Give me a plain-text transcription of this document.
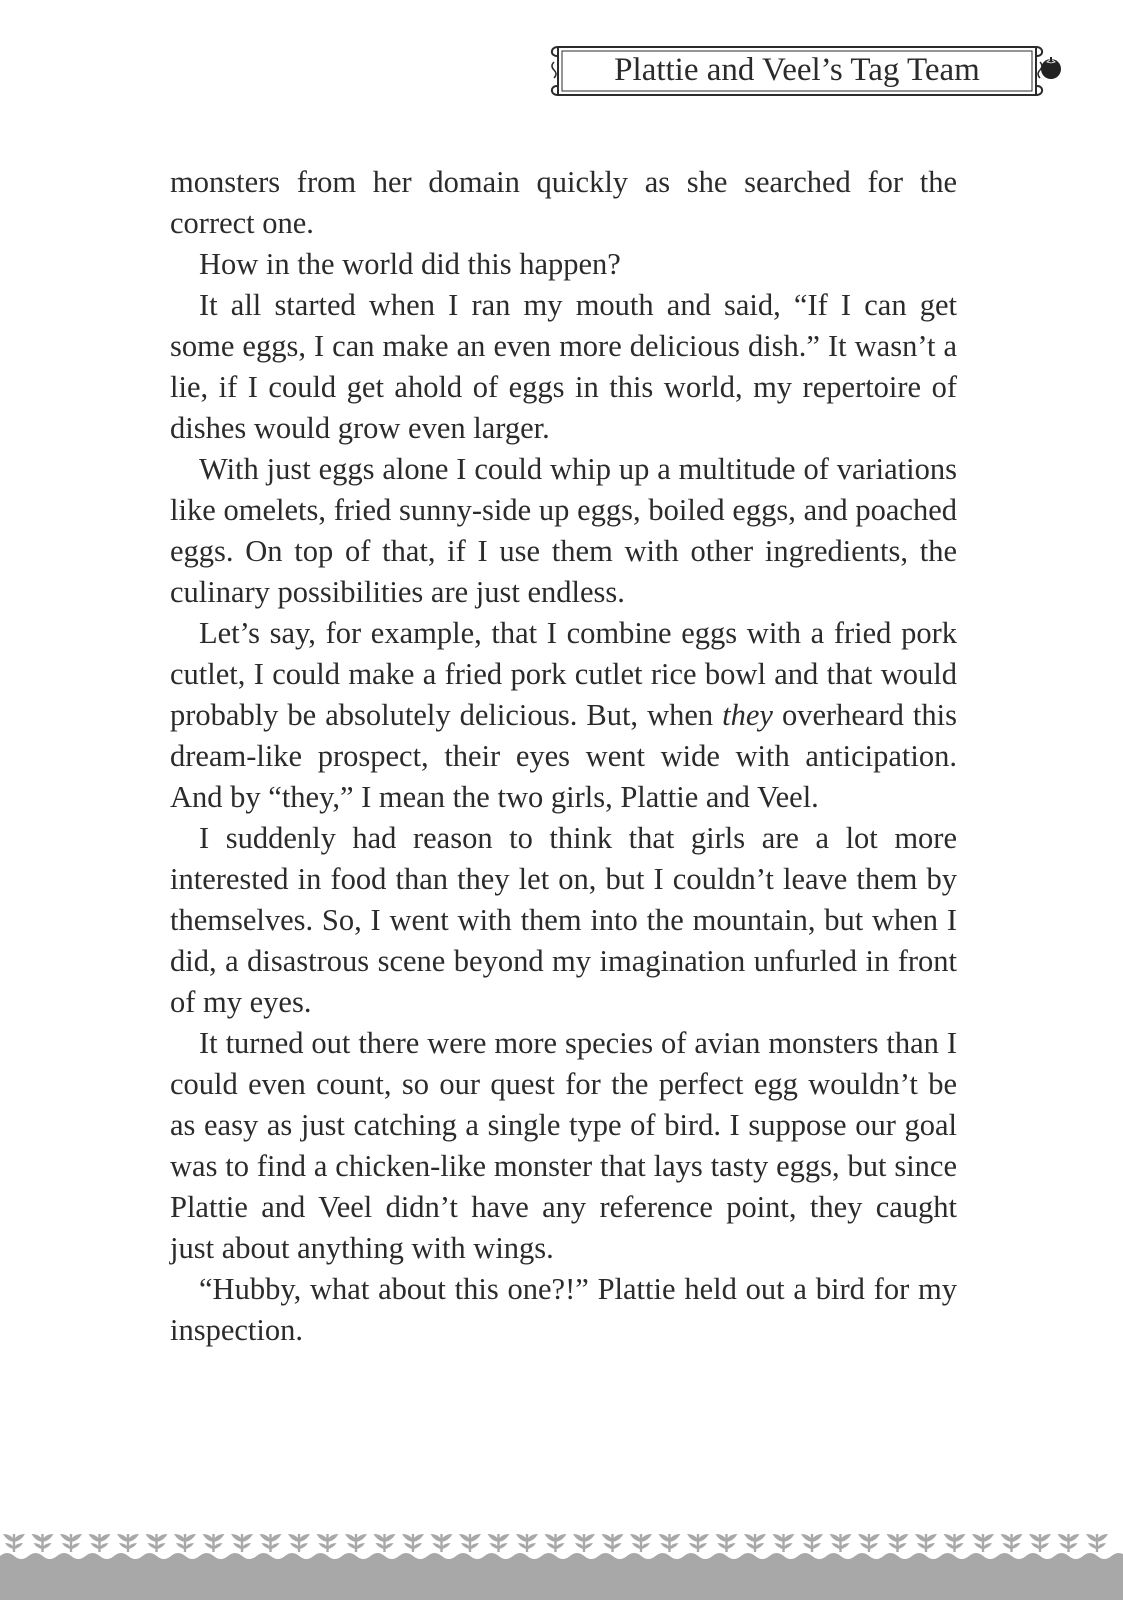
Plattie and Veel’s Tag Team

monsters from her domain quickly as she searched for the correct one.

How in the world did this happen?

It all started when I ran my mouth and said, “If I can get some eggs, I can make an even more delicious dish.” It wasn’t a lie, if I could get ahold of eggs in this world, my repertoire of dishes would grow even larger.

With just eggs alone I could whip up a multitude of variations like omelets, fried sunny-side up eggs, boiled eggs, and poached eggs. On top of that, if I use them with other ingredients, the culinary possibilities are just endless.

Let’s say, for example, that I combine eggs with a fried pork cutlet, I could make a fried pork cutlet rice bowl and that would probably be absolutely delicious. But, when they overheard this dream-like prospect, their eyes went wide with anticipation. And by “they,” I mean the two girls, Plattie and Veel.

I suddenly had reason to think that girls are a lot more interested in food than they let on, but I couldn’t leave them by themselves. So, I went with them into the mountain, but when I did, a disastrous scene beyond my imagination unfurled in front of my eyes.

It turned out there were more species of avian monsters than I could even count, so our quest for the perfect egg wouldn’t be as easy as just catching a single type of bird. I suppose our goal was to find a chicken-like monster that lays tasty eggs, but since Plattie and Veel didn’t have any reference point, they caught just about anything with wings.

“Hubby, what about this one?!” Plattie held out a bird for my inspection.
